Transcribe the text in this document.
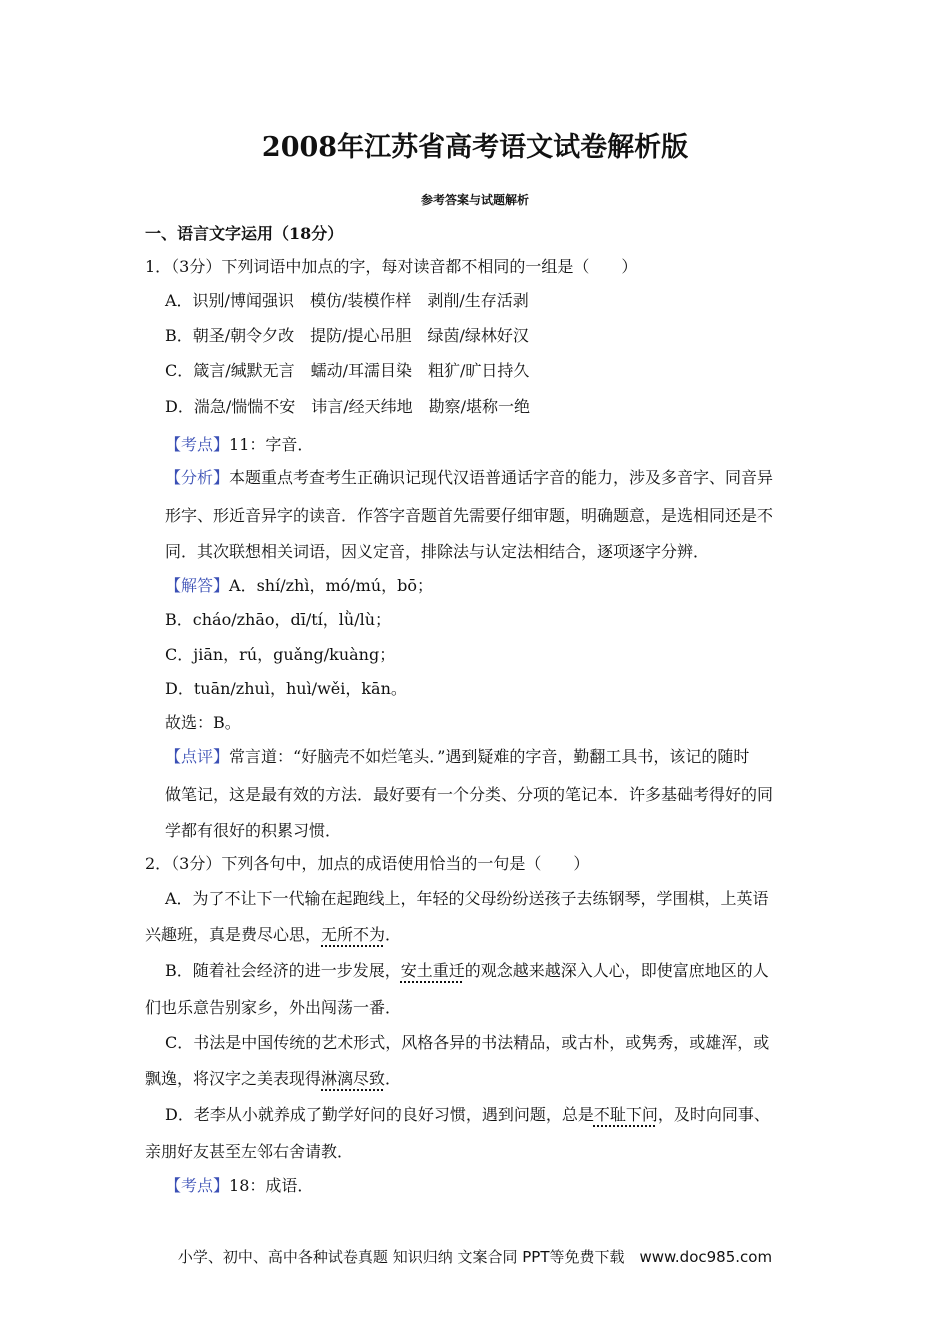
2008年江苏省高考语文试卷解析版
参考答案与试题解析
一、语言文字运用（18分）
1．（3分）下列词语中加点的字，每对读音都不相同的一组是（　　）
A．识别/博闻强识　模仿/装模作样　剥削/生存活剥
B．朝圣/朝令夕改　提防/提心吊胆　绿茵/绿林好汉
C．箴言/缄默无言　蠕动/耳濡目染　粗犷/旷日持久
D．湍急/惴惴不安　讳言/经天纬地　勘察/堪称一绝
【考点】11：字音．
【分析】本题重点考查考生正确识记现代汉语普通话字音的能力，涉及多音字、同音异
形字、形近音异字的读音．作答字音题首先需要仔细审题，明确题意，是选相同还是不
同．其次联想相关词语，因义定音，排除法与认定法相结合，逐项逐字分辨．
【解答】A．shí/zhì，mó/mú，bō；
B．cháo/zhāo，dī/tí，lǜ/lù；
C．jiān，rú，guǎng/kuàng；
D．tuān/zhuì，huì/wěi，kān。
故选：B。
【点评】常言道：“好脑壳不如烂笔头．”遇到疑难的字音，勤翻工具书，该记的随时
做笔记，这是最有效的方法．最好要有一个分类、分项的笔记本．许多基础考得好的同
学都有很好的积累习惯．
2．（3分）下列各句中，加点的成语使用恰当的一句是（　　）
A．为了不让下一代输在起跑线上，年轻的父母纷纷送孩子去练钢琴，学围棋，上英语
兴趣班，真是费尽心思，无所不为．
B．随着社会经济的进一步发展，安土重迁的观念越来越深入人心，即使富庶地区的人
们也乐意告别家乡，外出闯荡一番．
C．书法是中国传统的艺术形式，风格各异的书法精品，或古朴，或隽秀，或雄浑，或
飘逸，将汉字之美表现得淋漓尽致．
D．老李从小就养成了勤学好问的良好习惯，遇到问题，总是不耻下问，及时向同事、
亲朋好友甚至左邻右舍请教．
【考点】18：成语．
小学、初中、高中各种试卷真题 知识归纳 文案合同 PPT等免费下载　www.doc985.com
